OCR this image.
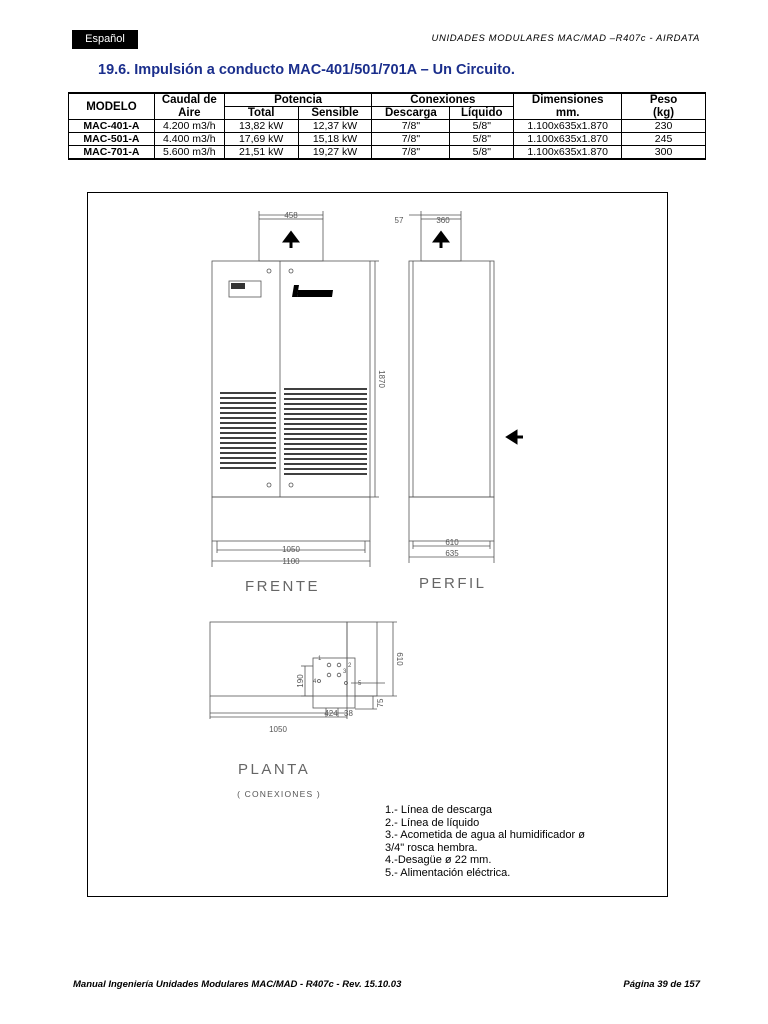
Español	UNIDADES MODULARES MAC/MAD –R407c - AIRDATA
19.6. Impulsión a conducto MAC-401/501/701A – Un Circuito.
MODELO	Caudal de	Potencia		Conexiones		Dimensiones	Peso
	Aire	Total	Sensible	Descarga	Líquido	mm.	(kg)
MAC-401-A	4.200 m3/h	13,82 kW	12,37 kW	7/8"	5/8"	1.100x635x1.870	230
MAC-501-A	4.400 m3/h	17,69 kW	15,18 kW	7/8"	5/8"	1.100x635x1.870	245
MAC-701-A	5.600 m3/h	21,51 kW	19,27 kW	7/8"	5/8"	1.100x635x1.870	300
458
1870
1050
1100
57	360
610
635
610
190
75
424 38
1050
1
2
3
4	5
FRENTE	PERFIL
PLANTA
( CONEXIONES )
1.- Línea de descarga
2.- Línea de líquido
3.- Acometida de agua al humidificador ø
3/4" rosca hembra.
4.-Desagüe ø 22 mm.
5.- Alimentación eléctrica.
Manual Ingeniería Unidades Modulares MAC/MAD - R407c - Rev. 15.10.03	Página 39 de 157
